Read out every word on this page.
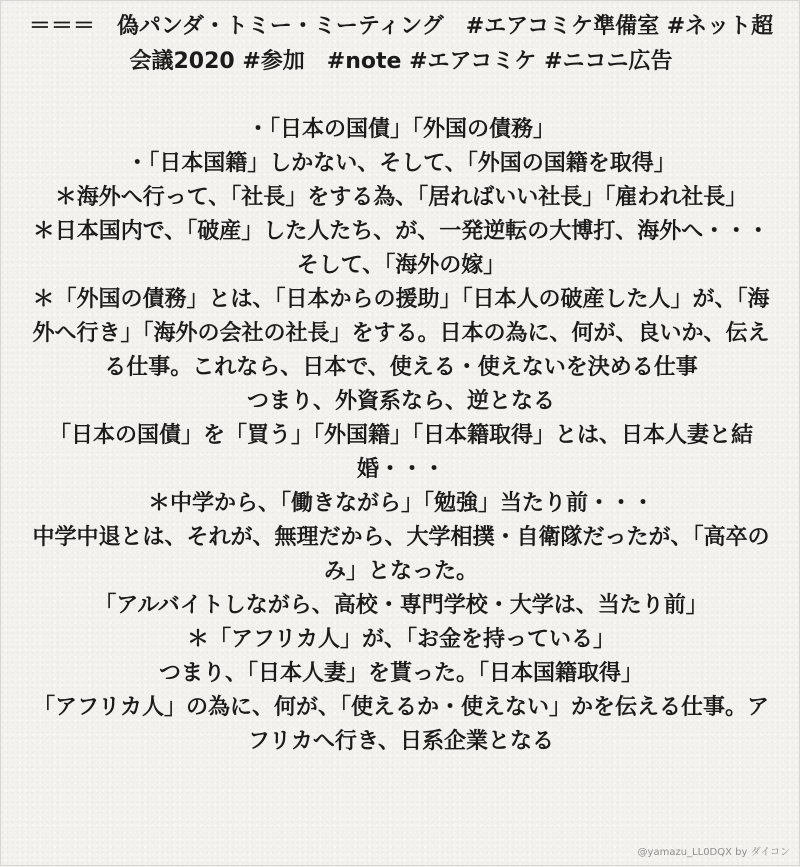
＝＝＝　偽パンダ・トミー・ミーティング　#エアコミケ準備室 #ネット超会議2020 #参加　#note #エアコミケ #ニコニ広告

・「日本の国債」「外国の債務」

・「日本国籍」しかない、そして、「外国の国籍を取得」

＊海外へ行って、「社長」をする為、「居ればいい社長」「雇われ社長」

＊日本国内で、「破産」した人たち、が、一発逆転の大博打、海外へ・・・そして、「海外の嫁」

＊「外国の債務」とは、「日本からの援助」「日本人の破産した人」が、「海外へ行き」「海外の会社の社長」をする。日本の為に、何が、良いか、伝える仕事。これなら、日本で、使える・使えないを決める仕事

つまり、外資系なら、逆となる

「日本の国債」を「買う」「外国籍」「日本籍取得」とは、日本人妻と結婚・・・

＊中学から、「働きながら」「勉強」当たり前・・・

中学中退とは、それが、無理だから、大学相撲・自衛隊だったが、「高卒のみ」となった。

「アルバイトしながら、高校・専門学校・大学は、当たり前」

＊「アフリカ人」が、「お金を持っている」

つまり、「日本人妻」を貰った。「日本国籍取得」

「アフリカ人」の為に、何が、「使えるか・使えない」かを伝える仕事。アフリカへ行き、日系企業となる

@yamazu_LL0DQX by ダイコン
